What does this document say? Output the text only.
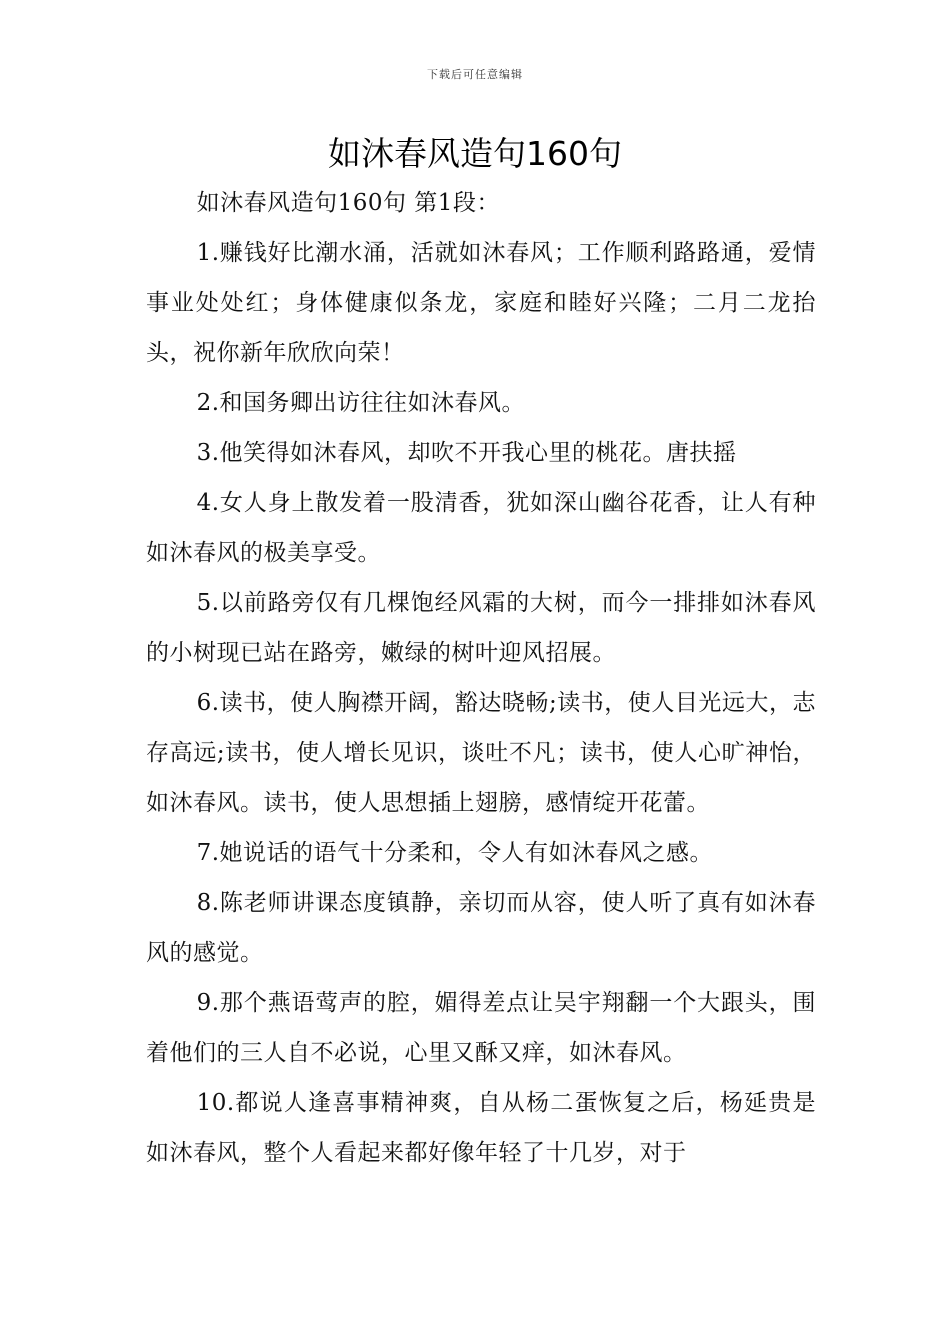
下载后可任意编辑
如沐春风造句160句

如沐春风造句160句 第1段：

1.赚钱好比潮水涌，活就如沐春风；工作顺利路路通，爱情事业处处红；身体健康似条龙，家庭和睦好兴隆；二月二龙抬头，祝你新年欣欣向荣！

2.和国务卿出访往往如沐春风。

3.他笑得如沐春风，却吹不开我心里的桃花。唐扶摇

4.女人身上散发着一股清香，犹如深山幽谷花香，让人有种如沐春风的极美享受。

5.以前路旁仅有几棵饱经风霜的大树，而今一排排如沐春风的小树现已站在路旁，嫩绿的树叶迎风招展。

6.读书，使人胸襟开阔，豁达晓畅;读书，使人目光远大，志存高远;读书，使人增长见识，谈吐不凡；读书，使人心旷神怡，如沐春风。读书，使人思想插上翅膀，感情绽开花蕾。

7.她说话的语气十分柔和，令人有如沐春风之感。

8.陈老师讲课态度镇静，亲切而从容，使人听了真有如沐春风的感觉。

9.那个燕语莺声的腔，媚得差点让吴宇翔翻一个大跟头，围着他们的三人自不必说，心里又酥又痒，如沐春风。

10.都说人逢喜事精神爽，自从杨二蛋恢复之后，杨延贵是如沐春风，整个人看起来都好像年轻了十几岁，对于
